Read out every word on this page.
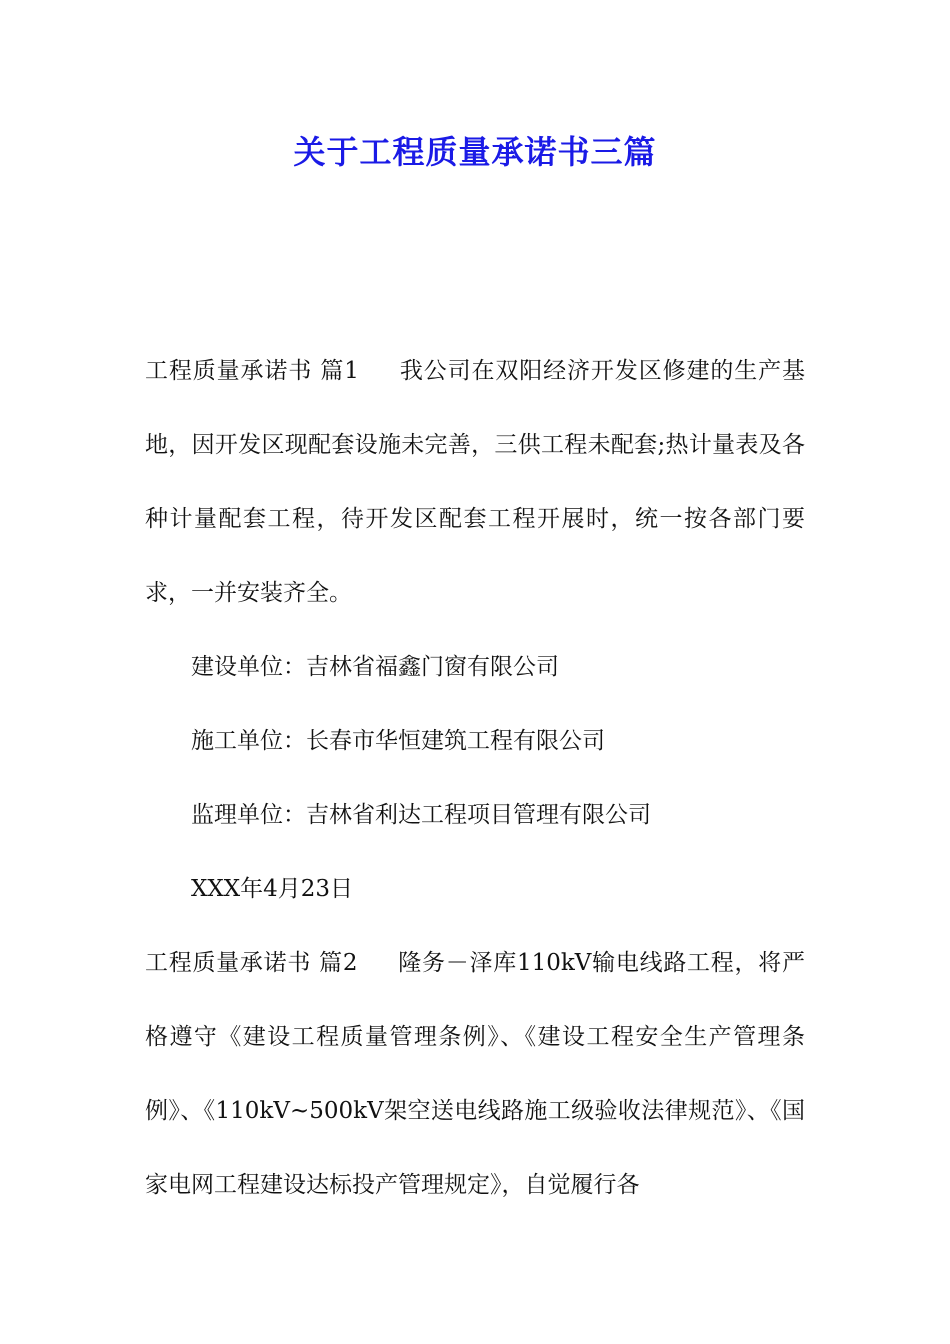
关于工程质量承诺书三篇

工程质量承诺书 篇1 我公司在双阳经济开发区修建的生产基地，因开发区现配套设施未完善，三供工程未配套;热计量表及各种计量配套工程，待开发区配套工程开展时，统一按各部门要求，一并安装齐全。

建设单位：吉林省福鑫门窗有限公司

施工单位：长春市华恒建筑工程有限公司

监理单位：吉林省利达工程项目管理有限公司

XXX年4月23日

工程质量承诺书 篇2 隆务－泽库110kV输电线路工程，将严格遵守《建设工程质量管理条例》、《建设工程安全生产管理条例》、《110kV~500kV架空送电线路施工级验收法律规范》、《国家电网工程建设达标投产管理规定》，自觉履行各
